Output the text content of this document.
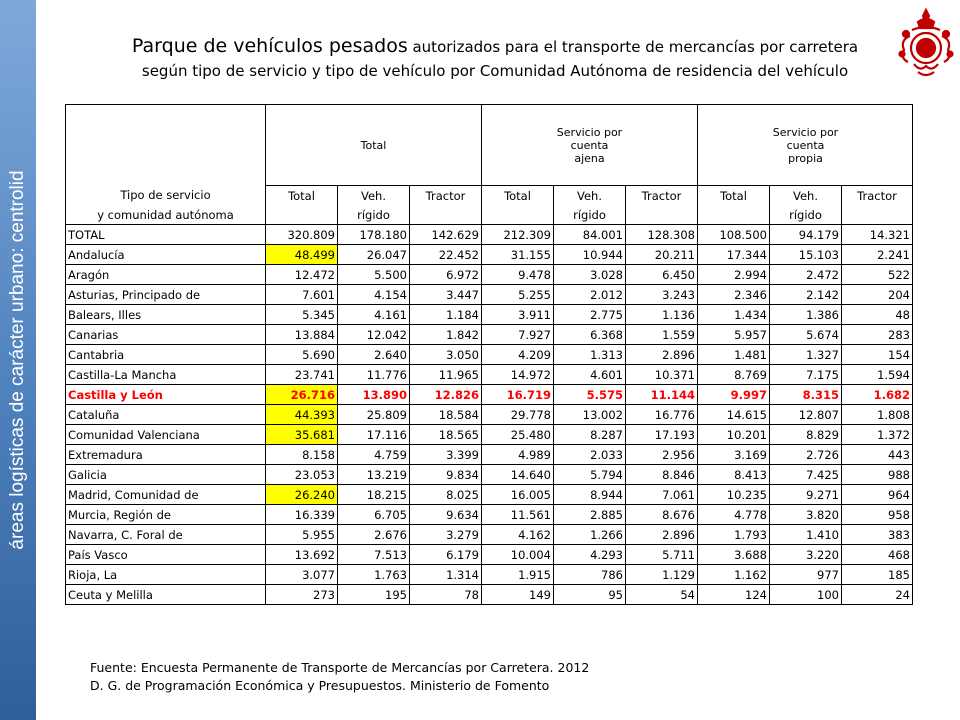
áreas logísticas de carácter urbano: centrolid
Parque de vehículos pesados autorizados para el transporte de mercancías por carretera
según tipo de servicio y tipo de vehículo por Comunidad Autónoma de residencia del vehículo
		Total			Servicio por cuenta ajena			Servicio por cuenta propia	
Tipo de servicio	Total	Veh.	Tractor	Total	Veh.	Tractor	Total	Veh.	Tractor
y comunidad autónoma		rígido			rígido			rígido	
TOTAL	320.809	178.180	142.629	212.309	84.001	128.308	108.500	94.179	14.321
Andalucía	48.499	26.047	22.452	31.155	10.944	20.211	17.344	15.103	2.241
Aragón	12.472	5.500	6.972	9.478	3.028	6.450	2.994	2.472	522
Asturias, Principado de	7.601	4.154	3.447	5.255	2.012	3.243	2.346	2.142	204
Balears, Illes	5.345	4.161	1.184	3.911	2.775	1.136	1.434	1.386	48
Canarias	13.884	12.042	1.842	7.927	6.368	1.559	5.957	5.674	283
Cantabria	5.690	2.640	3.050	4.209	1.313	2.896	1.481	1.327	154
Castilla-La Mancha	23.741	11.776	11.965	14.972	4.601	10.371	8.769	7.175	1.594
Castilla y León	26.716	13.890	12.826	16.719	5.575	11.144	9.997	8.315	1.682
Cataluña	44.393	25.809	18.584	29.778	13.002	16.776	14.615	12.807	1.808
Comunidad Valenciana	35.681	17.116	18.565	25.480	8.287	17.193	10.201	8.829	1.372
Extremadura	8.158	4.759	3.399	4.989	2.033	2.956	3.169	2.726	443
Galicia	23.053	13.219	9.834	14.640	5.794	8.846	8.413	7.425	988
Madrid, Comunidad de	26.240	18.215	8.025	16.005	8.944	7.061	10.235	9.271	964
Murcia, Región de	16.339	6.705	9.634	11.561	2.885	8.676	4.778	3.820	958
Navarra, C. Foral de	5.955	2.676	3.279	4.162	1.266	2.896	1.793	1.410	383
País Vasco	13.692	7.513	6.179	10.004	4.293	5.711	3.688	3.220	468
Rioja, La	3.077	1.763	1.314	1.915	786	1.129	1.162	977	185
Ceuta y Melilla	273	195	78	149	95	54	124	100	24
Fuente: Encuesta Permanente de Transporte de Mercancías por Carretera. 2012
D. G. de Programación Económica y Presupuestos. Ministerio de Fomento
